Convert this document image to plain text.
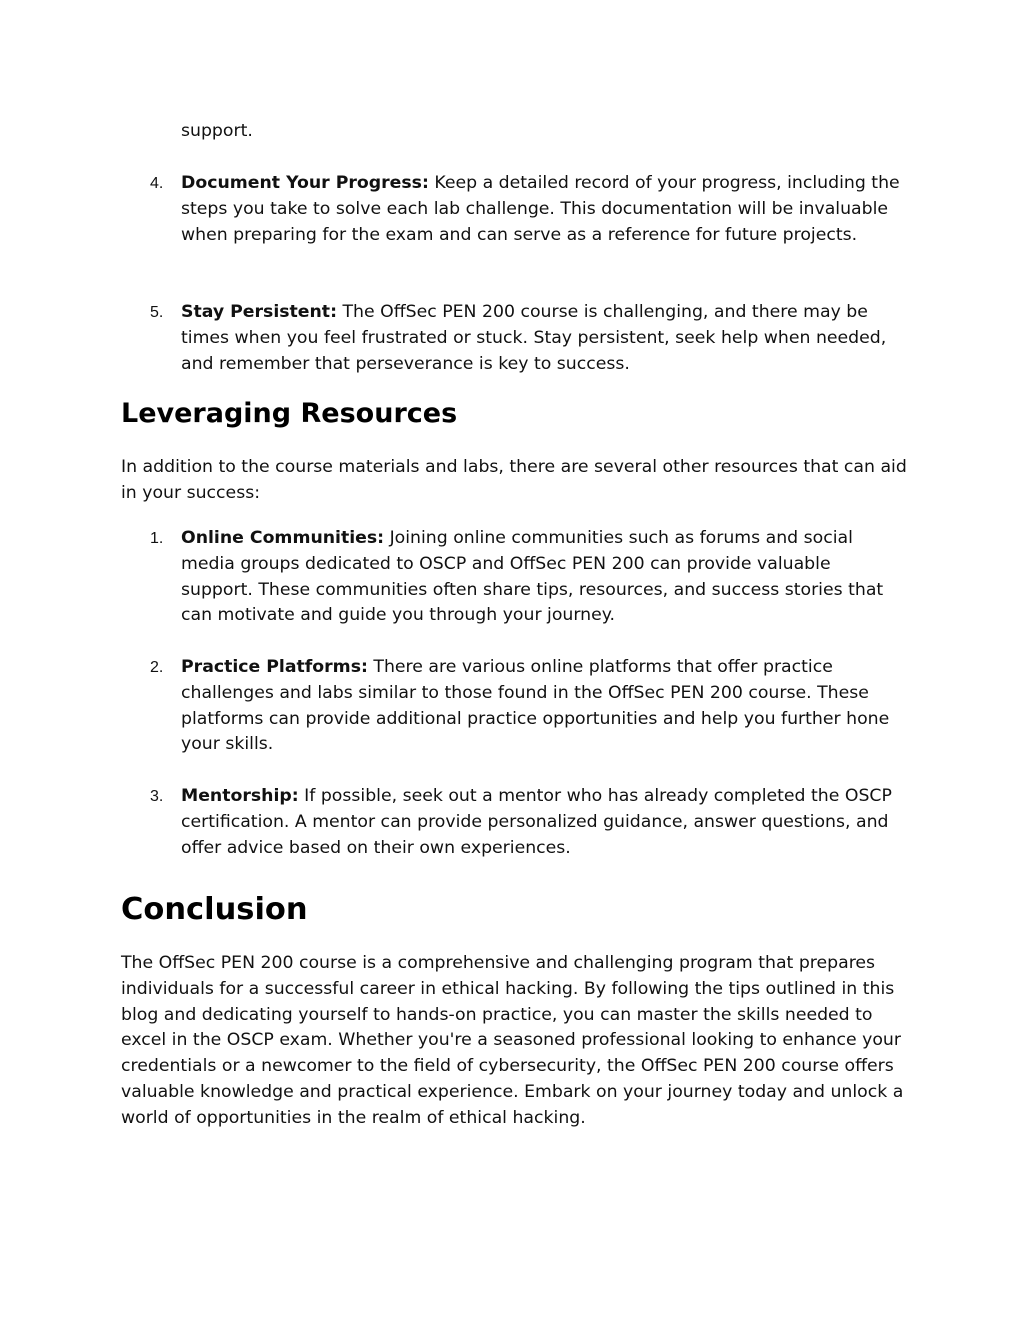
support.

4. Document Your Progress: Keep a detailed record of your progress, including the steps you take to solve each lab challenge. This documentation will be invaluable when preparing for the exam and can serve as a reference for future projects.

5. Stay Persistent: The OffSec PEN 200 course is challenging, and there may be times when you feel frustrated or stuck. Stay persistent, seek help when needed, and remember that perseverance is key to success.

Leveraging Resources

In addition to the course materials and labs, there are several other resources that can aid in your success:

1. Online Communities: Joining online communities such as forums and social media groups dedicated to OSCP and OffSec PEN 200 can provide valuable support. These communities often share tips, resources, and success stories that can motivate and guide you through your journey.

2. Practice Platforms: There are various online platforms that offer practice challenges and labs similar to those found in the OffSec PEN 200 course. These platforms can provide additional practice opportunities and help you further hone your skills.

3. Mentorship: If possible, seek out a mentor who has already completed the OSCP certification. A mentor can provide personalized guidance, answer questions, and offer advice based on their own experiences.

Conclusion

The OffSec PEN 200 course is a comprehensive and challenging program that prepares individuals for a successful career in ethical hacking. By following the tips outlined in this blog and dedicating yourself to hands-on practice, you can master the skills needed to excel in the OSCP exam. Whether you're a seasoned professional looking to enhance your credentials or a newcomer to the field of cybersecurity, the OffSec PEN 200 course offers valuable knowledge and practical experience. Embark on your journey today and unlock a world of opportunities in the realm of ethical hacking.
